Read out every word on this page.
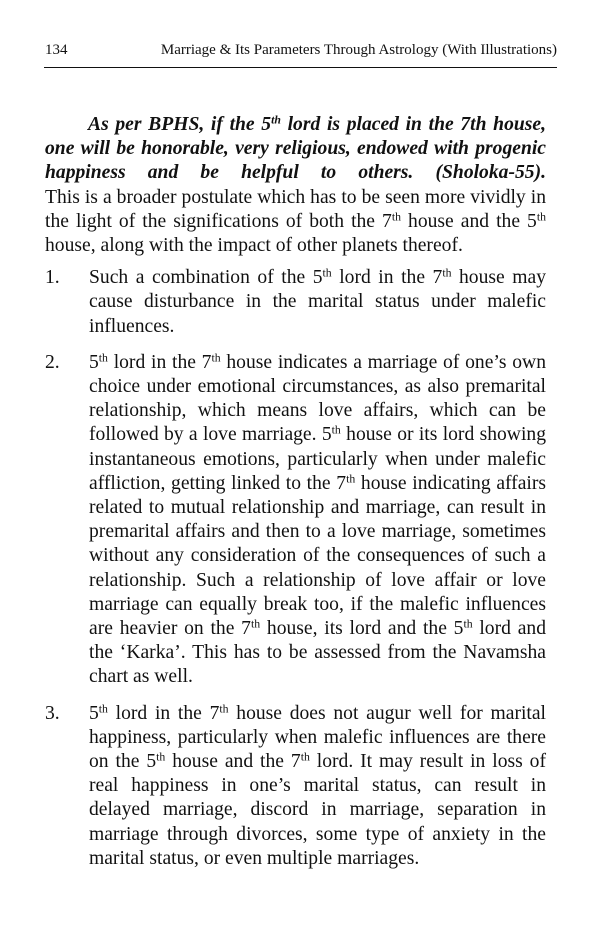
134	Marriage & Its Parameters Through Astrology (With Illustrations)

As per BPHS, if the 5th lord is placed in the 7th house, one will be honorable, very religious, endowed with progenic happiness and be helpful to others. (Sholoka-55).
This is a broader postulate which has to be seen more vividly in the light of the significations of both the 7th house and the 5th house, along with the impact of other planets thereof.

1.	Such a combination of the 5th lord in the 7th house may cause disturbance in the marital status under malefic influences.
2.	5th lord in the 7th house indicates a marriage of one’s own choice under emotional circumstances, as also premarital relationship, which means love affairs, which can be followed by a love marriage. 5th house or its lord showing instantaneous emotions, particularly when under malefic affliction, getting linked to the 7th house indicating affairs related to mutual relationship and marriage, can result in premarital affairs and then to a love marriage, sometimes without any consideration of the consequences of such a relationship. Such a relationship of love affair or love marriage can equally break too, if the malefic influences are heavier on the 7th house, its lord and the 5th lord and the ‘Karka’. This has to be assessed from the Navamsha chart as well.
3.	5th lord in the 7th house does not augur well for marital happiness, particularly when malefic influences are there on the 5th house and the 7th lord. It may result in loss of real happiness in one’s marital status, can result in delayed marriage, discord in marriage, separation in marriage through divorces, some type of anxiety in the marital status, or even multiple marriages.
